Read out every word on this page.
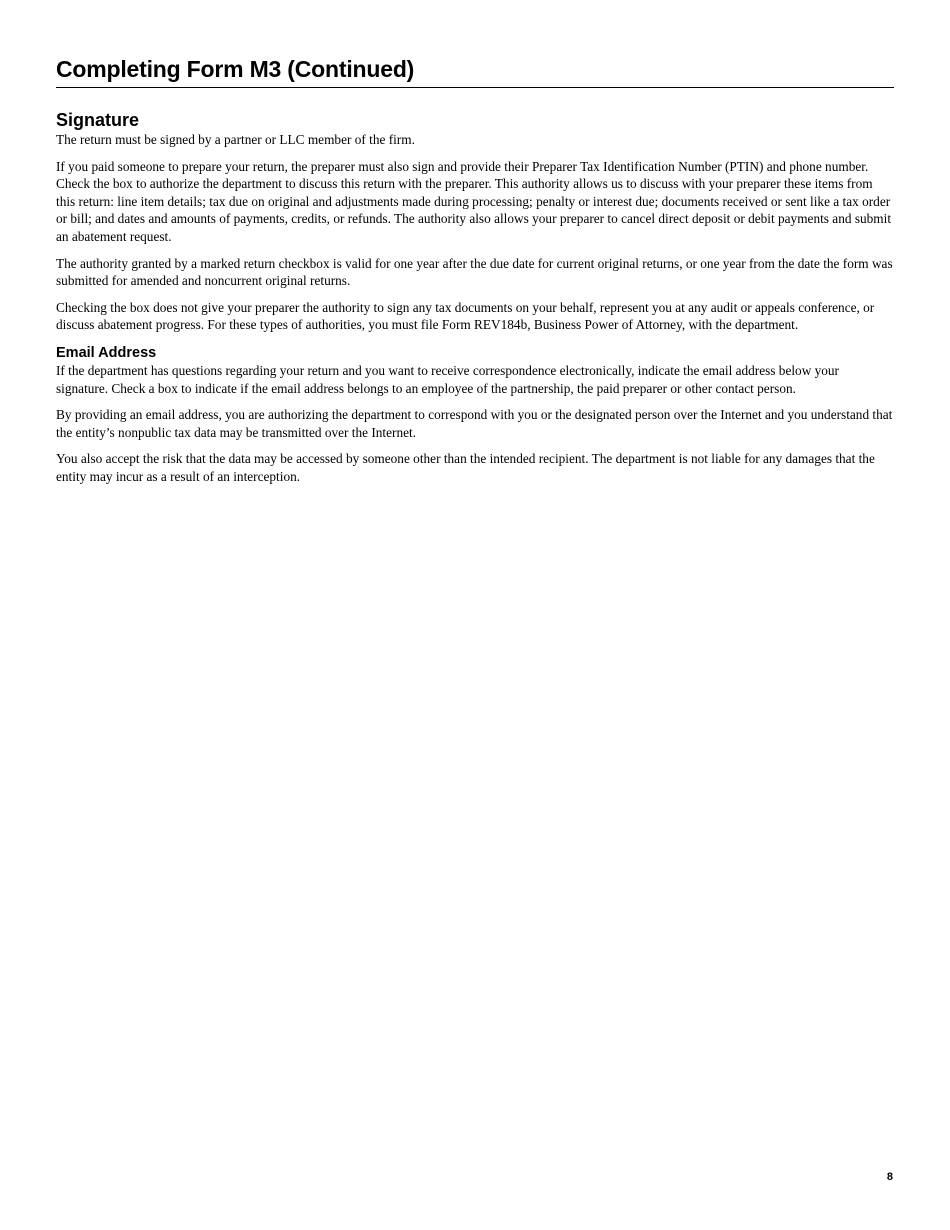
Completing Form M3 (Continued)
Signature

The return must be signed by a partner or LLC member of the firm.

If you paid someone to prepare your return, the preparer must also sign and provide their Preparer Tax Identification Number (PTIN) and phone number. Check the box to authorize the department to discuss this return with the preparer. This authority allows us to discuss with your preparer these items from this return: line item details; tax due on original and adjustments made during processing; penalty or interest due; documents received or sent like a tax order or bill; and dates and amounts of payments, credits, or refunds. The authority also allows your preparer to cancel direct deposit or debit payments and submit an abatement request.

The authority granted by a marked return checkbox is valid for one year after the due date for current original returns, or one year from the date the form was submitted for amended and noncurrent original returns.

Checking the box does not give your preparer the authority to sign any tax documents on your behalf, represent you at any audit or appeals conference, or discuss abatement progress. For these types of authorities, you must file Form REV184b, Business Power of Attorney, with the department.

Email Address

If the department has questions regarding your return and you want to receive correspondence electronically, indicate the email address below your signature. Check a box to indicate if the email address belongs to an employee of the partnership, the paid preparer or other contact person.

By providing an email address, you are authorizing the department to correspond with you or the designated person over the Internet and you understand that the entity’s nonpublic tax data may be transmitted over the Internet.

You also accept the risk that the data may be accessed by someone other than the intended recipient. The department is not liable for any damages that the entity may incur as a result of an interception.

8
